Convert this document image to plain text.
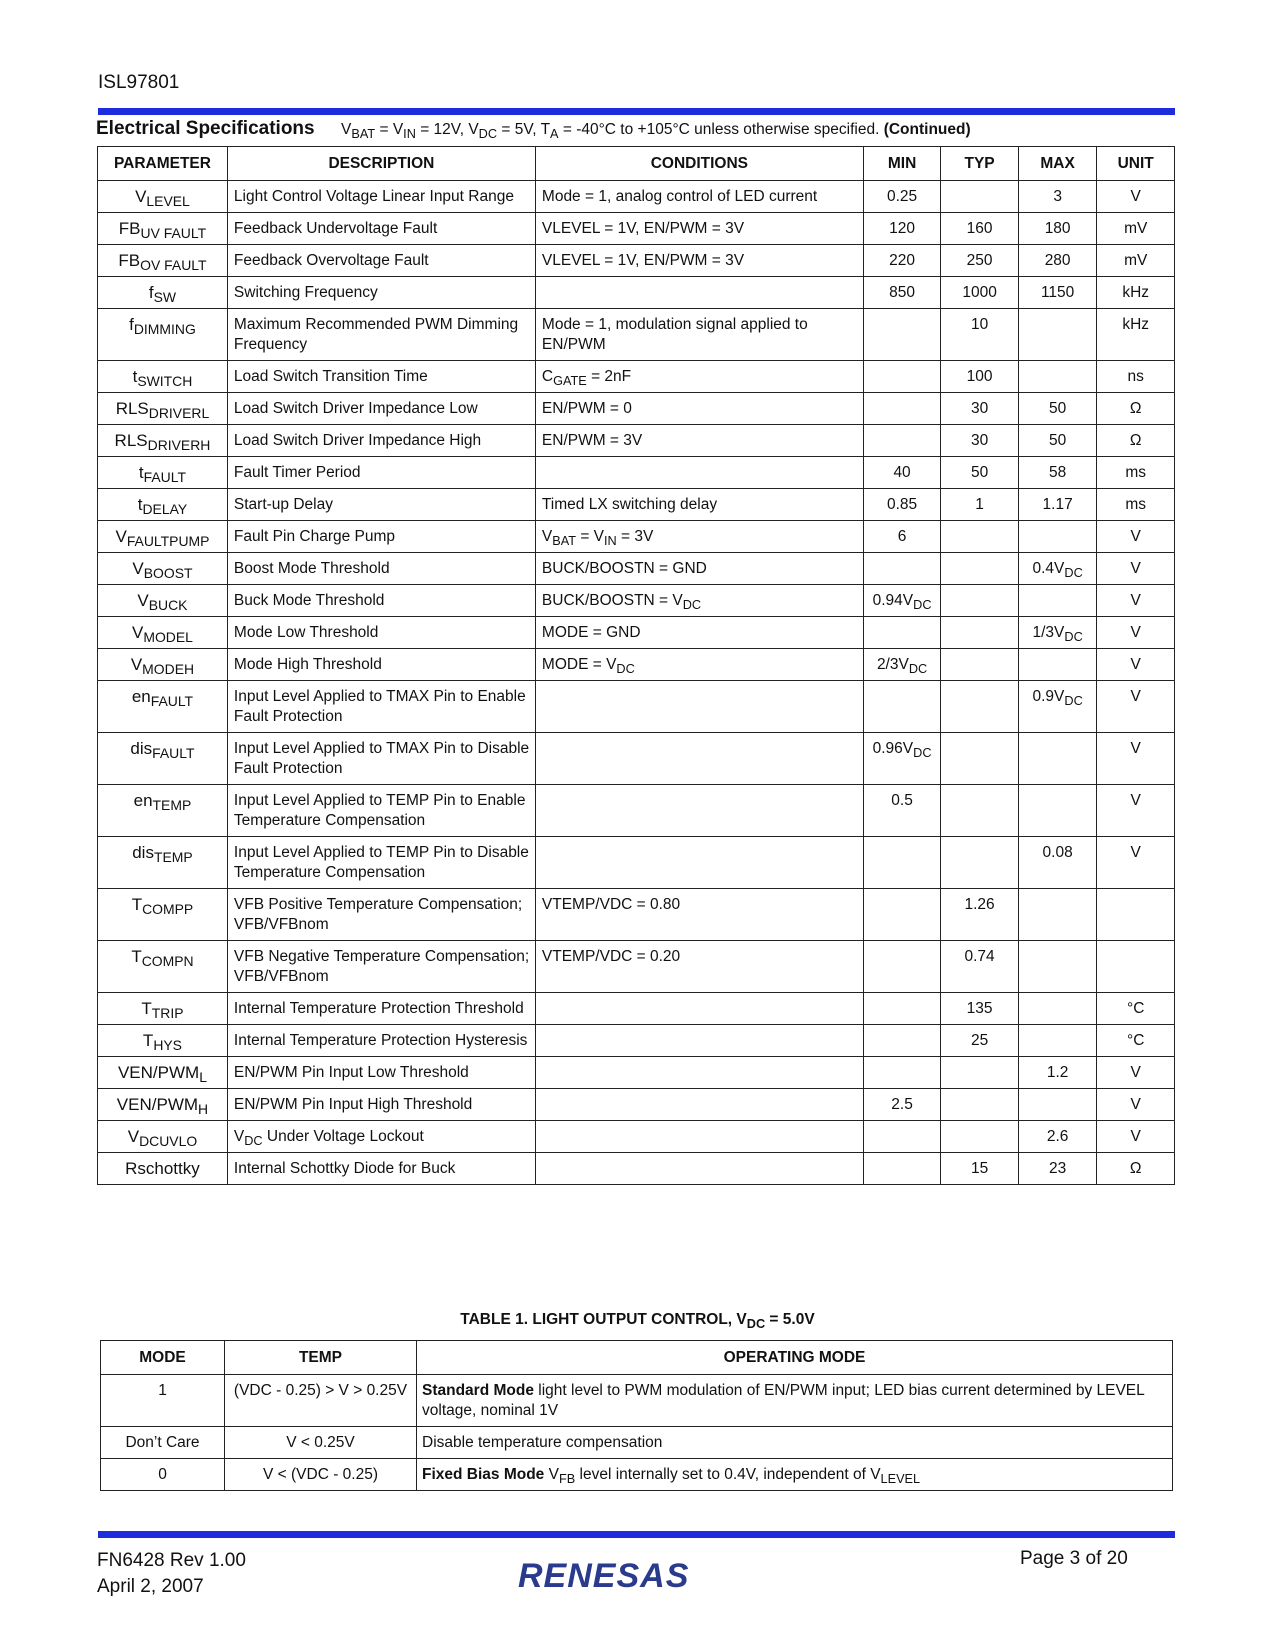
ISL97801
Electrical Specifications $V_{BAT} = V_{IN} = 12V$, $V_{DC} = 5V$, $T_A = -40^\circ C$ to +105°C unless otherwise specified. (Continued)
PARAMETER	DESCRIPTION	CONDITIONS	MIN	TYP	MAX	UNIT
$V_{LEVEL}$	Light Control Voltage Linear Input Range	Mode = 1, analog control of LED current	0.25		3	V
$FB_{UV FAULT}$	Feedback Undervoltage Fault	VLEVEL = 1V, EN/PWM = 3V	120	160	180	mV
$FB_{OV FAULT}$	Feedback Overvoltage Fault	VLEVEL = 1V, EN/PWM = 3V	220	250	280	mV
$f_{SW}$	Switching Frequency		850	1000	1150	kHz
$f_{DIMMING}$	Maximum Recommended PWM Dimming Frequency	Mode = 1, modulation signal applied to EN/PWM		10		kHz
$t_{SWITCH}$	Load Switch Transition Time	$C_{GATE} = 2nF$		100		ns
$RLS_{DRIVERL}$	Load Switch Driver Impedance Low	EN/PWM = 0		30	50	Ω
$RLS_{DRIVERH}$	Load Switch Driver Impedance High	EN/PWM = 3V		30	50	Ω
$t_{FAULT}$	Fault Timer Period		40	50	58	ms
$t_{DELAY}$	Start-up Delay	Timed LX switching delay	0.85	1	1.17	ms
$V_{FAULTPUMP}$	Fault Pin Charge Pump	$V_{BAT} = V_{IN} = 3V$	6			V
$V_{BOOST}$	Boost Mode Threshold	BUCK/BOOSTN = GND			$0.4V_{DC}$	V
$V_{BUCK}$	Buck Mode Threshold	BUCK/BOOSTN = $V_{DC}$	$0.94V_{DC}$			V
$V_{MODEL}$	Mode Low Threshold	MODE = GND			$1/3V_{DC}$	V
$V_{MODEH}$	Mode High Threshold	MODE = $V_{DC}$	$2/3V_{DC}$			V
$en_{FAULT}$	Input Level Applied to TMAX Pin to Enable Fault Protection				$0.9V_{DC}$	V
dis$_{FAULT}$	Input Level Applied to TMAX Pin to Disable Fault Protection		$0.96V_{DC}$			V
$en_{TEMP}$	Input Level Applied to TEMP Pin to Enable Temperature Compensation		0.5			V
dis$_{TEMP}$	Input Level Applied to TEMP Pin to Disable Temperature Compensation				0.08	V
$T_{COMPP}$	VFB Positive Temperature Compensation; VFB/VFBnom	VTEMP/VDC = 0.80		1.26		
$T_{COMPN}$	VFB Negative Temperature Compensation; VFB/VFBnom	VTEMP/VDC = 0.20		0.74		
$T_{TRIP}$	Internal Temperature Protection Threshold			135		°C
$T_{HYS}$	Internal Temperature Protection Hysteresis			25		°C
VEN/$PWM_L$	EN/PWM Pin Input Low Threshold				1.2	V
VEN/$PWM_H$	EN/PWM Pin Input High Threshold		2.5			V
$V_{DCUVLO}$	$V_{DC}$ Under Voltage Lockout				2.6	V
Rschottky	Internal Schottky Diode for Buck			15	23	Ω
TABLE 1. LIGHT OUTPUT CONTROL, $V_{DC} = 5.0V$
MODE	TEMP	OPERATING MODE
1	(VDC - 0.25) > V > 0.25V	Standard Mode light level to PWM modulation of EN/PWM input; LED bias current determined by LEVEL voltage, nominal 1V
Don’t Care	V < 0.25V	Disable temperature compensation
0	V < (VDC - 0.25)	Fixed Bias Mode $V_{FB}$ level internally set to 0.4V, independent of $V_{LEVEL}$
FN6428 Rev 1.00
April 2, 2007	RENESAS	Page 3 of 20
